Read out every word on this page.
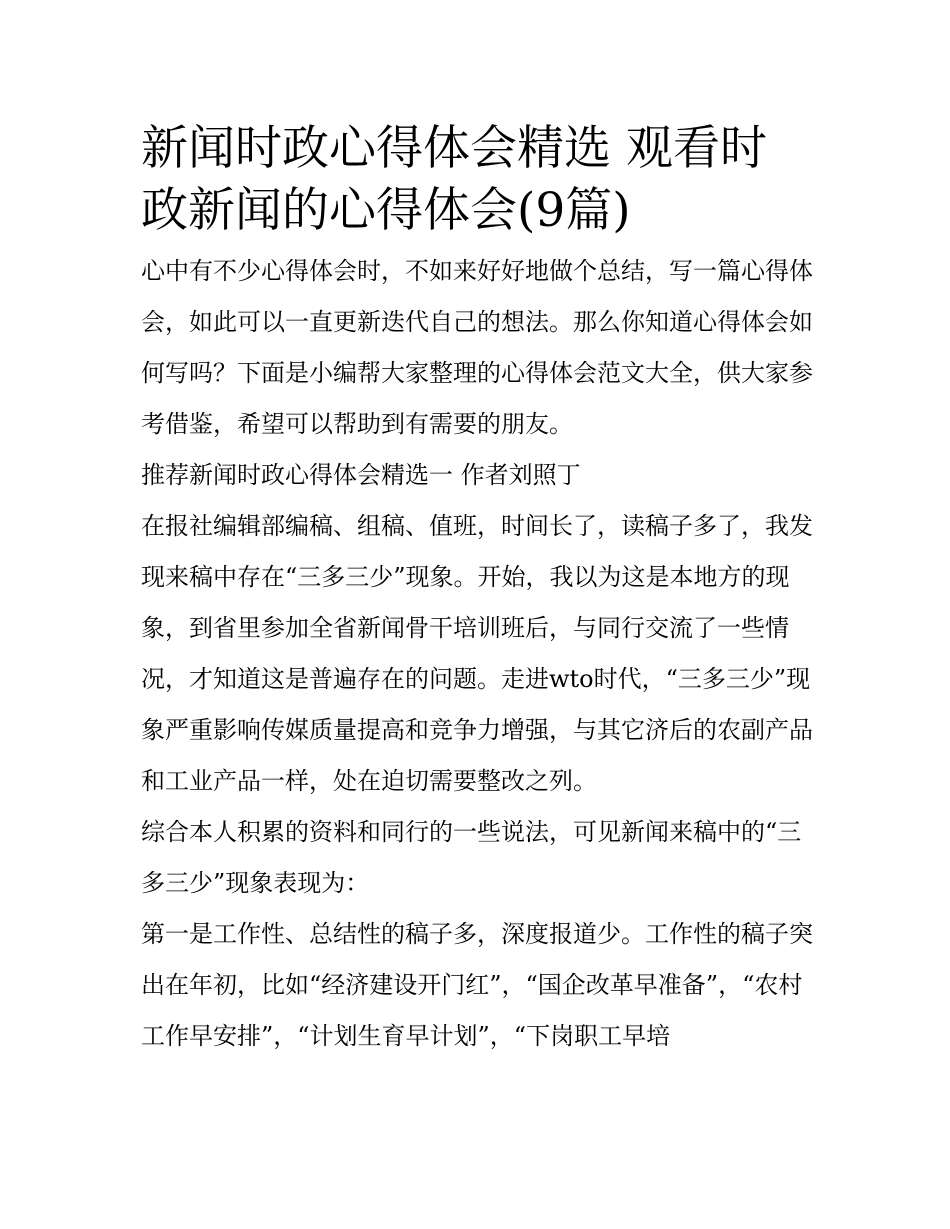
新闻时政心得体会精选 观看时政新闻的心得体会(9篇)

心中有不少心得体会时，不如来好好地做个总结，写一篇心得体会，如此可以一直更新迭代自己的想法。那么你知道心得体会如何写吗？下面是小编帮大家整理的心得体会范文大全，供大家参考借鉴，希望可以帮助到有需要的朋友。

推荐新闻时政心得体会精选一 作者刘照丁

在报社编辑部编稿、组稿、值班，时间长了，读稿子多了，我发现来稿中存在“三多三少”现象。开始，我以为这是本地方的现象，到省里参加全省新闻骨干培训班后，与同行交流了一些情况，才知道这是普遍存在的问题。走进wto时代，“三多三少”现象严重影响传媒质量提高和竞争力增强，与其它济后的农副产品和工业产品一样，处在迫切需要整改之列。

综合本人积累的资料和同行的一些说法，可见新闻来稿中的“三多三少”现象表现为：

第一是工作性、总结性的稿子多，深度报道少。工作性的稿子突出在年初，比如“经济建设开门红”，“国企改革早准备”，“农村工作早安排”，“计划生育早计划”，“下岗职工早培
